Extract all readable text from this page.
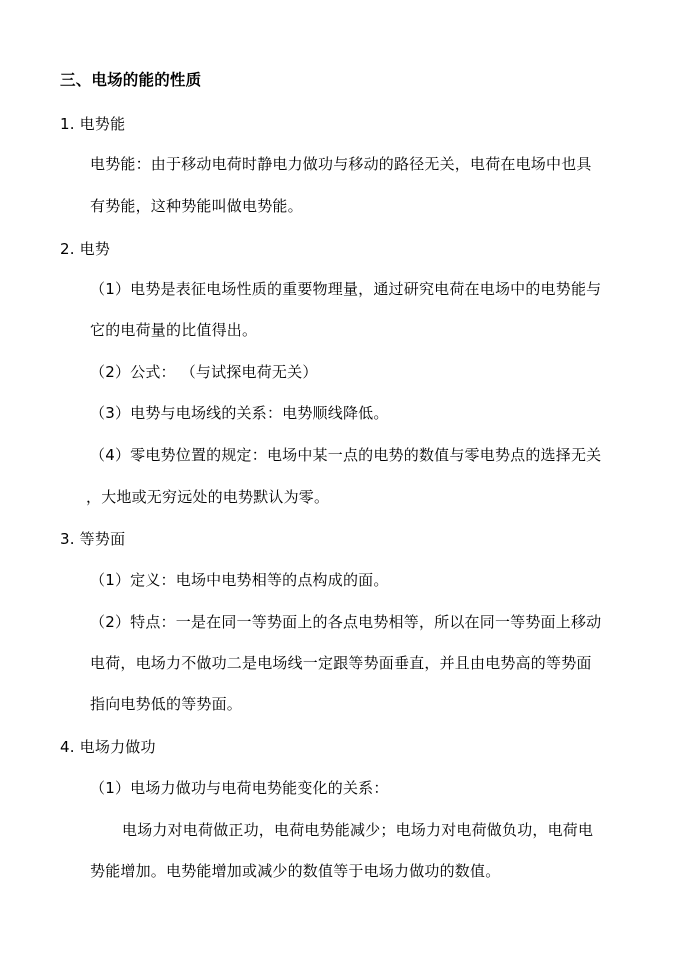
三、电场的能的性质
1. 电势能
电势能：由于移动电荷时静电力做功与移动的路径无关，电荷在电场中也具
有势能，这种势能叫做电势能。
2. 电势
（1）电势是表征电场性质的重要物理量，通过研究电荷在电场中的电势能与
它的电荷量的比值得出。
（2）公式： （与试探电荷无关）
（3）电势与电场线的关系：电势顺线降低。
（4）零电势位置的规定：电场中某一点的电势的数值与零电势点的选择无关
，大地或无穷远处的电势默认为零。
3. 等势面
（1）定义：电场中电势相等的点构成的面。
（2）特点：一是在同一等势面上的各点电势相等，所以在同一等势面上移动
电荷，电场力不做功二是电场线一定跟等势面垂直，并且由电势高的等势面
指向电势低的等势面。
4. 电场力做功
（1）电场力做功与电荷电势能变化的关系：
电场力对电荷做正功，电荷电势能减少；电场力对电荷做负功，电荷电
势能增加。电势能增加或减少的数值等于电场力做功的数值。
